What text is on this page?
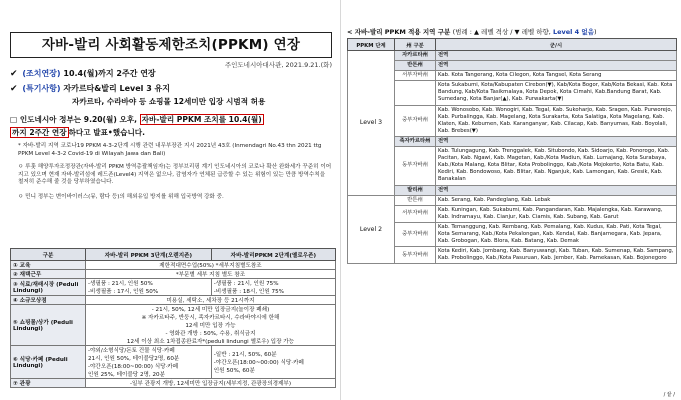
자바-발리 사회활동제한조치(PPKM) 연장
주인도네시아대사관, 2021.9.21.(화)
✔ (조치연장) 10.4(월)까지 2주간 연장
✔ (특기사항) 자카르타&발리 Level 3 유지
자카르타, 수라바야 등 쇼핑몰 12세미만 입장 시범적 허용
□ 인도네시아 정부는 9.20(월) 오후, 자바-발리 PPKM 조치를 10.4(월)
까지 2주간 연장 하다고 발표•했습니다.
* 자바-발리 지역 코로나19 PPKM 4-3-2단계 시행 관련 내무부장관 지시 2021년 43호 (Inmendagri No.43 thn 2021 ttg PPKM Level 4-3-2 Covid-19 di Wilayah Jawa dan Bali)
ㅇ 루훗 해양투자조정장관(자바-발리 PPKM 방역총괄책임자)는 정부브리핑 계기 인도네시아의 코로나 확산 완화세가 꾸준히 이어지고 있으며 현재 자바-발리섬에 레드존(Level4) 지역은 없으나, 감염자가 연체된 급증할 수 있는 위험이 있는 만큼 방역수칙을 철저히 준수해 줄 것을 당부하였습니다.
ㅇ 민니 정부는 변이바이러스(뮤, 람다 등)의 해외유입 방지를 위해 입국방역 강화 중.
구분	자바-발리 PPKM 3단계(오렌지존)	자바-발리PPKM 2단계(옐로우존)
① 교육	제한적대면수업(50%) *세부지침별도참조	
② 재택근무	*부문별 세부 지침 별도 참조	
③ 식료/재래시장 (Peduli Lindungi)	-생필품 : 21시, 인원 50%
-비생필품 : 17시, 인원 50%	-생필품 : 21시, 인원 75%
-비생필품 : 18시, 인원 75%
④ 소규모상점	미용실, 세탁소, 세차장 등 21시까지	
⑤ 쇼핑몰/상가 (Peduli Lindungi)	- 21시, 50%, 12세 미만 입장금지(놀이장 폐쇄)
※ 자카르타주, 반둥시, 족자카르타시, 수라바야시에 한해
12세 미만 입장 가능
- 영화관 개방 : 50%, 수용, 취식금지
12세 이상 최소 1차접종완료자*(peduli lindungi 옐로우) 입장 가능	
⑥ 식당·카페 (Peduli Lindungi)	-야외/소형식당/돈토 건물 식당·카페
21시, 인원 50%, 테이블당2명, 60분
-야간오픈(18:00~00:00) 식당·카페
인원 25%, 테이블당 2명, 20분	-일반 : 21시, 50%, 60분
-야간오픈(18:00~00:00) 식당·카페
인원 50%, 60분
⑦ 관광	-일부 관광지 개방, 12세미만 입장금지(세부지정, 관광장의경제부)	
< 자바-발리 PPKM 적용 지역 구분 (범례 : ▲ 레벨 격상 / ▼ 레벨 하향, Level 4 없음)
PPKM 단계	州 구분	군/시
Level 3	자카르타州	전역
	반튼州	전역
	서부자바州	Kab. Kota Tangerang, Kota Cilegon, Kota Tangsel, Kota Serang
		Kota Sukabumi, Kota/Kabupaten Cirebon(▼), Kab/Kota Bogor, Kab/Kota Bekasi, Kab. Kota Bandung, Kab/Kota Tasikmalaya, Kota Depok, Kota Cimahi, Kab.Bandung Barat, Kab. Sumedang, Kota Banjar(▲), Kab. Purwakarta(▼)
	중부자바州	Kab. Wonosobo, Kab. Wonogiri, Kab. Tegal, Kab. Sukoharjo, Kab. Sragen, Kab. Purworejo, Kab. Purbalingga, Kab. Magelang, Kota Surakarta, Kota Salatiga, Kota Magelang, Kab. Klaten, Kab. Kebumen, Kab. Karanganyar, Kab. Cilacap, Kab. Banyumas, Kab. Boyolali, Kab. Brebes(▼)
	족자카르타州	전역
	동부자바州	Kab. Tulungagung, Kab. Trenggalek, Kab. Situbondo, Kab. Sidoarjo, Kab. Ponorogo, Kab. Pacitan, Kab. Ngawi, Kab. Magetan, Kab./Kota Madiun, Kab. Lumajang, Kota Surabaya, Kab./Kota Malang, Kota Blitar, Kota Probolinggo, Kab./Kota Mojokerto, Kota Batu, Kab. Kediri, Kab. Bondowoso, Kab. Blitar, Kab. Nganjuk, Kab. Lamongan, Kab. Gresik, Kab. Banakalan
	발리州	전역
Level 2	반튼州	Kab. Serang, Kab. Pandeglang, Kab. Lebak
	서부자바州	Kab. Kuningan, Kab. Sukabumi, Kab. Pangandaran, Kab. Majalengka, Kab. Karawang, Kab. Indramayu, Kab. Cianjur, Kab. Ciamis, Kab. Subang, Kab. Garut
	중부자바州	Kab. Temanggung, Kab. Rembang, Kab. Pemalang, Kab. Kudus, Kab. Pati, Kota Tegal, Kota Semarang, Kab./Kota Pekalongan, Kab. Kendal, Kab. Banjarnegara, Kab. Jepara, Kab. Grobogan, Kab. Blora, Kab. Batang, Kab. Demak
	동부자바州	Kota Kediri, Kab. Jombang, Kab. Banyuwangi, Kab. Tuban, Kab. Sumenap, Kab. Sampang, Kab. Probolinggo, Kab./Kota Pasuruan, Kab. Jember, Kab. Pamekasan, Kab. Bojonegoro
/ 끝 /
